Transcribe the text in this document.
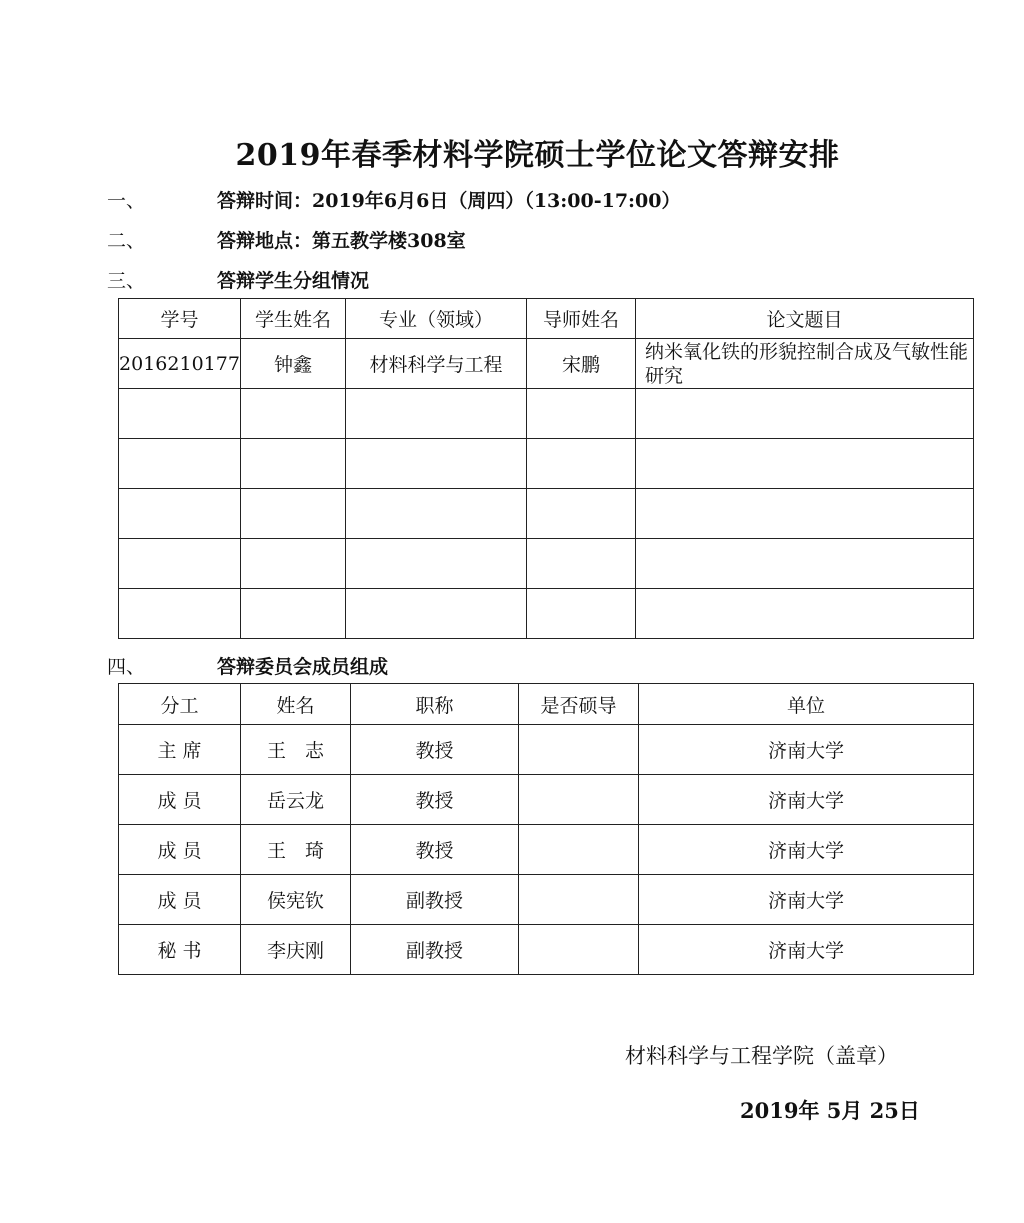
2019年春季材料学院硕士学位论文答辩安排
一、	答辩时间：2019年6月6日（周四）（13:00-17:00）
二、	答辩地点：第五教学楼308室
三、	答辩学生分组情况
学号	学生姓名	专业（领域）	导师姓名	论文题目
2016210177	钟鑫	材料科学与工程	宋鹏	纳米氧化铁的形貌控制合成及气敏性能研究

四、	答辩委员会成员组成
分工	姓名	职称	是否硕导	单位
主 席	王　志	教授		济南大学
成 员	岳云龙	教授		济南大学
成 员	王　琦	教授		济南大学
成 员	侯宪钦	副教授		济南大学
秘 书	李庆刚	副教授		济南大学
材料科学与工程学院（盖章）
2019年 5月 25日
